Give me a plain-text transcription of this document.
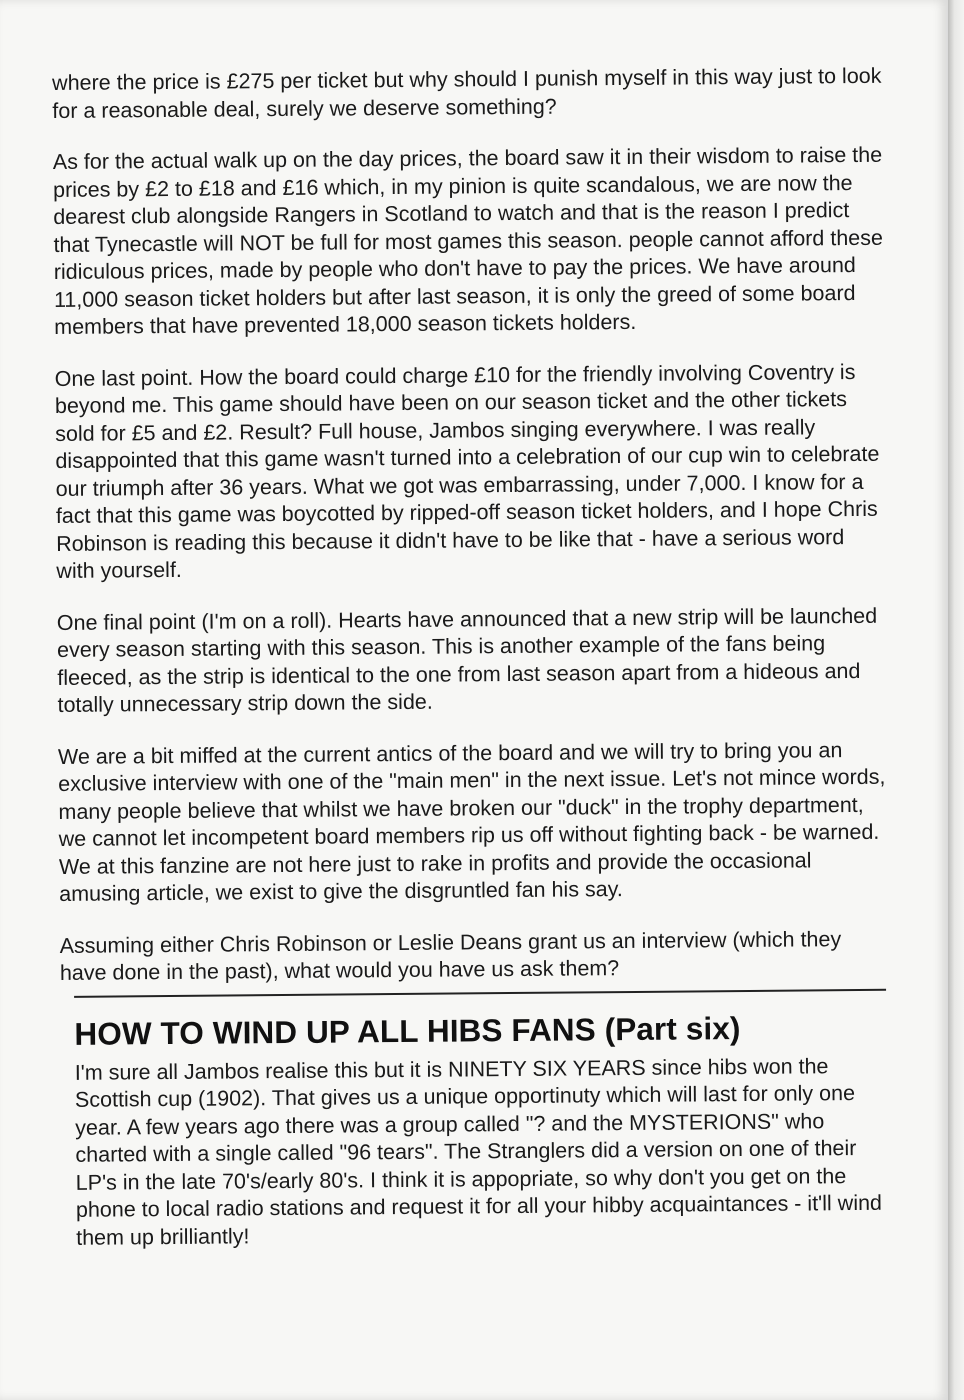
where the price is £275 per ticket but why should I punish myself in this way just to look for a reasonable deal, surely we deserve something?

As for the actual walk up on the day prices, the board saw it in their wisdom to raise the prices by £2 to £18 and £16 which, in my pinion is quite scandalous, we are now the dearest club alongside Rangers in Scotland to watch and that is the reason I predict that Tynecastle will NOT be full for most games this season. people cannot afford these ridiculous prices, made by people who don't have to pay the prices. We have around 11,000 season ticket holders but after last season, it is only the greed of some board members that have prevented 18,000 season tickets holders.

One last point. How the board could charge £10 for the friendly involving Coventry is beyond me. This game should have been on our season ticket and the other tickets sold for £5 and £2. Result? Full house, Jambos singing everywhere. I was really disappointed that this game wasn't turned into a celebration of our cup win to celebrate our triumph after 36 years. What we got was embarrassing, under 7,000. I know for a fact that this game was boycotted by ripped-off season ticket holders, and I hope Chris Robinson is reading this because it didn't have to be like that - have a serious word with yourself.

One final point (I'm on a roll). Hearts have announced that a new strip will be launched every season starting with this season. This is another example of the fans being fleeced, as the strip is identical to the one from last season apart from a hideous and totally unnecessary strip down the side.

We are a bit miffed at the current antics of the board and we will try to bring you an exclusive interview with one of the "main men" in the next issue. Let's not mince words, many people believe that whilst we have broken our "duck" in the trophy department, we cannot let incompetent board members rip us off without fighting back - be warned. We at this fanzine are not here just to rake in profits and provide the occasional amusing article, we exist to give the disgruntled fan his say.

Assuming either Chris Robinson or Leslie Deans grant us an interview (which they have done in the past), what would you have us ask them?

HOW TO WIND UP ALL HIBS FANS (Part six)

I'm sure all Jambos realise this but it is NINETY SIX YEARS since hibs won the Scottish cup (1902). That gives us a unique opportinuty which will last for only one year. A few years ago there was a group called "? and the MYSTERIONS" who charted with a single called "96 tears". The Stranglers did a version on one of their LP's in the late 70's/early 80's. I think it is appopriate, so why don't you get on the phone to local radio stations and request it for all your hibby acquaintances - it'll wind them up brilliantly!
